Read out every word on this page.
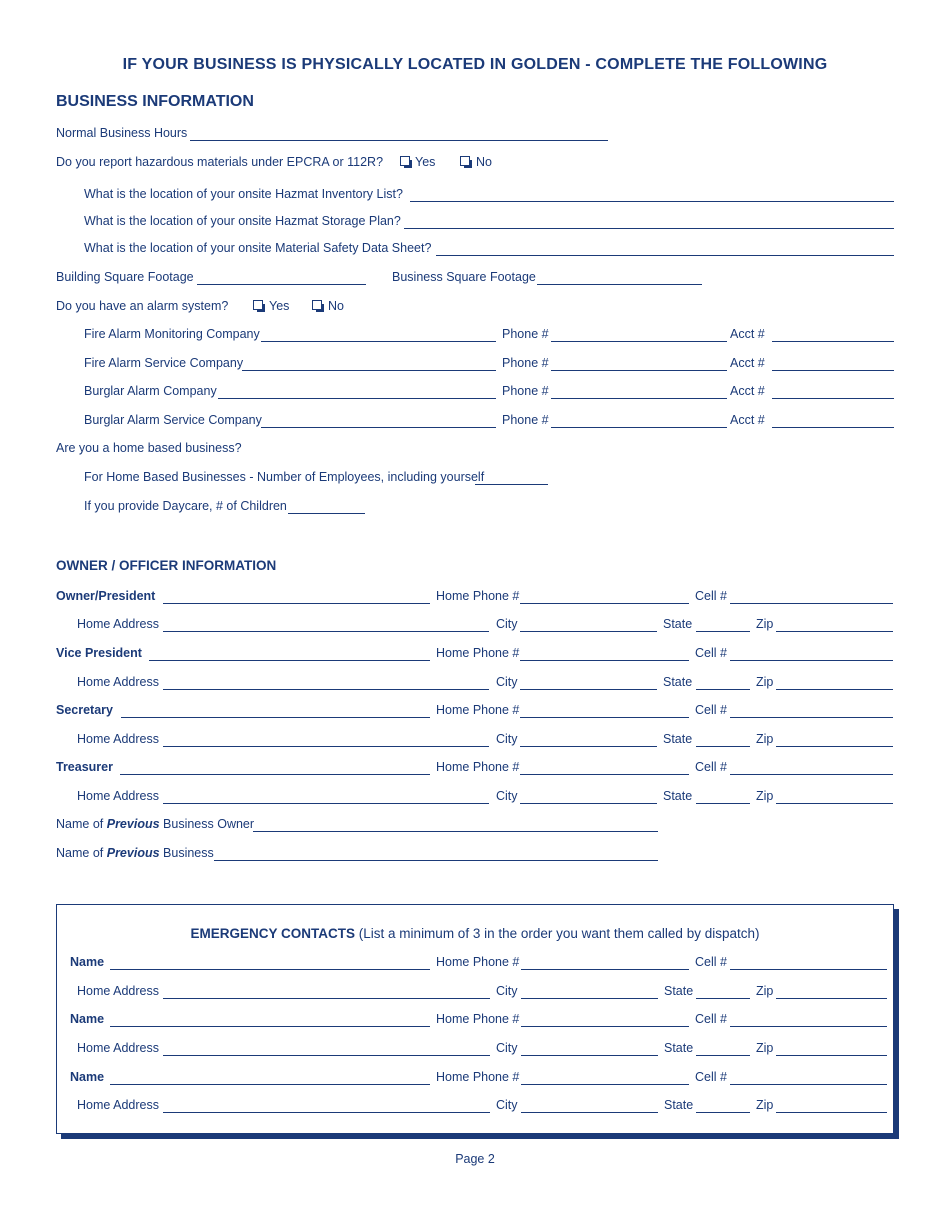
IF YOUR BUSINESS IS PHYSICALLY LOCATED IN GOLDEN - COMPLETE THE FOLLOWING
BUSINESS INFORMATION
Normal Business Hours
Do you report hazardous materials under EPCRA or 112R?	Yes	No
What is the location of your onsite Hazmat Inventory List?
What is the location of your onsite Hazmat Storage Plan?
What is the location of your onsite Material Safety Data Sheet?
Building Square Footage	Business Square Footage
Do you have an alarm system?	Yes	No
Fire Alarm Monitoring Company	Phone #	Acct #
Fire Alarm Service Company	Phone #	Acct #
Burglar Alarm Company	Phone #	Acct #
Burglar Alarm Service Company	Phone #	Acct #
Are you a home based business?
For Home Based Businesses - Number of Employees, including yourself
If you provide Daycare, # of Children
OWNER / OFFICER INFORMATION
Owner/President	Home Phone #	Cell #
Home Address	City	State	Zip
Vice President	Home Phone #	Cell #
Home Address	City	State	Zip
Secretary	Home Phone #	Cell #
Home Address	City	State	Zip
Treasurer	Home Phone #	Cell #
Home Address	City	State	Zip
Name of Previous Business Owner
Name of Previous Business
EMERGENCY CONTACTS (List a minimum of 3 in the order you want them called by dispatch)
Name	Home Phone #	Cell #
Home Address	City	State	Zip
Name	Home Phone #	Cell #
Home Address	City	State	Zip
Name	Home Phone #	Cell #
Home Address	City	State	Zip
Page 2
